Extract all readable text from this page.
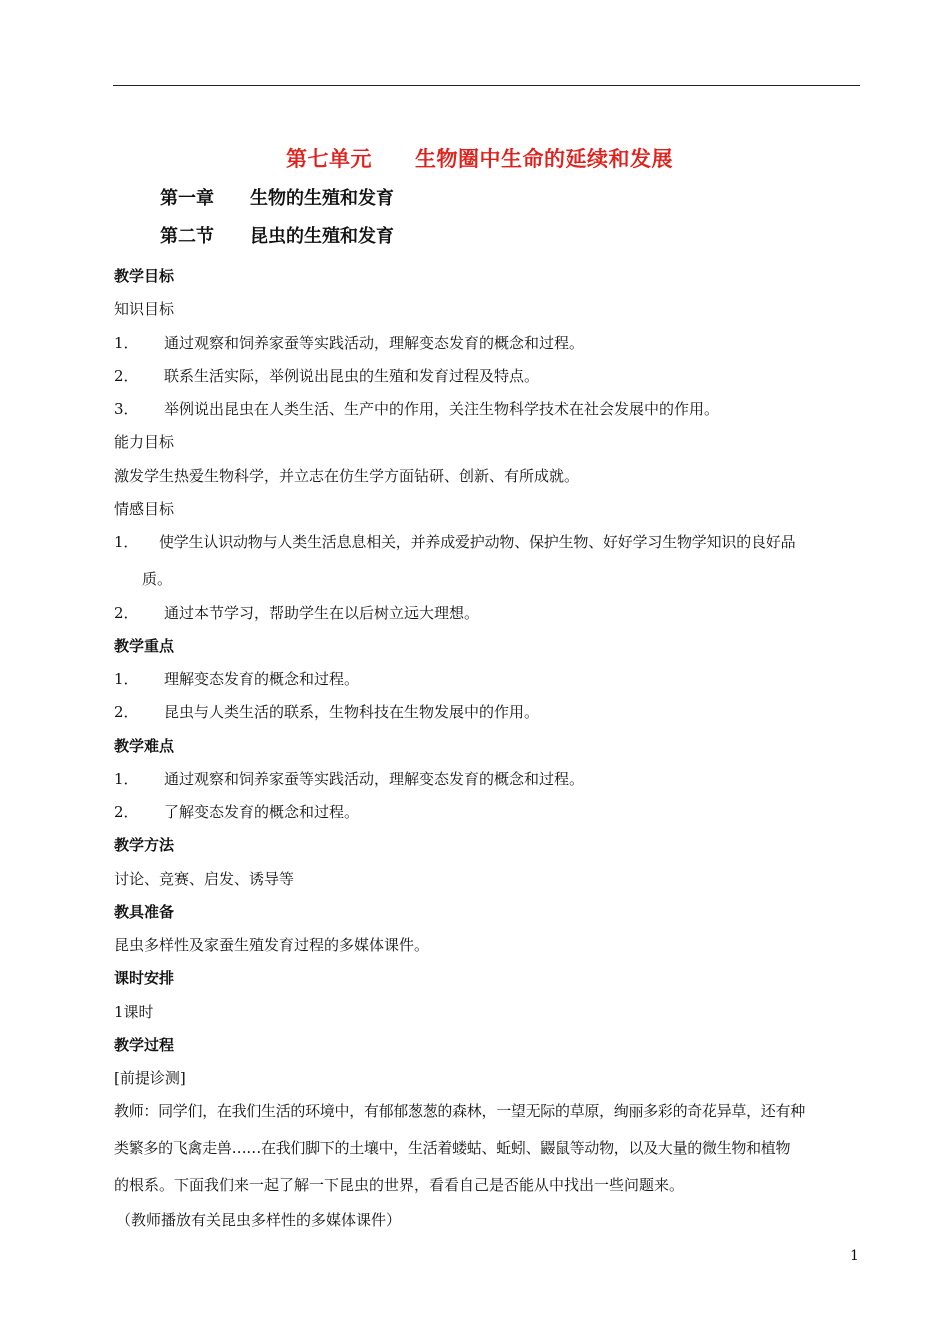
第七单元　　生物圈中生命的延续和发展
第一章　　生物的生殖和发育
第二节　　昆虫的生殖和发育
教学目标
知识目标
1． 通过观察和饲养家蚕等实践活动，理解变态发育的概念和过程。
2． 联系生活实际，举例说出昆虫的生殖和发育过程及特点。
3． 举例说出昆虫在人类生活、生产中的作用，关注生物科学技术在社会发展中的作用。
能力目标
激发学生热爱生物科学，并立志在仿生学方面钻研、创新、有所成就。
情感目标
1． 使学生认识动物与人类生活息息相关，并养成爱护动物、保护生物、好好学习生物学知识的良好品
质。
2． 通过本节学习，帮助学生在以后树立远大理想。
教学重点
1． 理解变态发育的概念和过程。
2． 昆虫与人类生活的联系，生物科技在生物发展中的作用。
教学难点
1． 通过观察和饲养家蚕等实践活动，理解变态发育的概念和过程。
2． 了解变态发育的概念和过程。
教学方法
讨论、竞赛、启发、诱导等
教具准备
昆虫多样性及家蚕生殖发育过程的多媒体课件。
课时安排
1课时
教学过程
[前提诊测]
教师：同学们，在我们生活的环境中，有郁郁葱葱的森林，一望无际的草原，绚丽多彩的奇花异草，还有种
类繁多的飞禽走兽……在我们脚下的土壤中，生活着蝼蛄、蚯蚓、鼹鼠等动物，以及大量的微生物和植物
的根系。下面我们来一起了解一下昆虫的世界，看看自己是否能从中找出一些问题来。
（教师播放有关昆虫多样性的多媒体课件）
1
